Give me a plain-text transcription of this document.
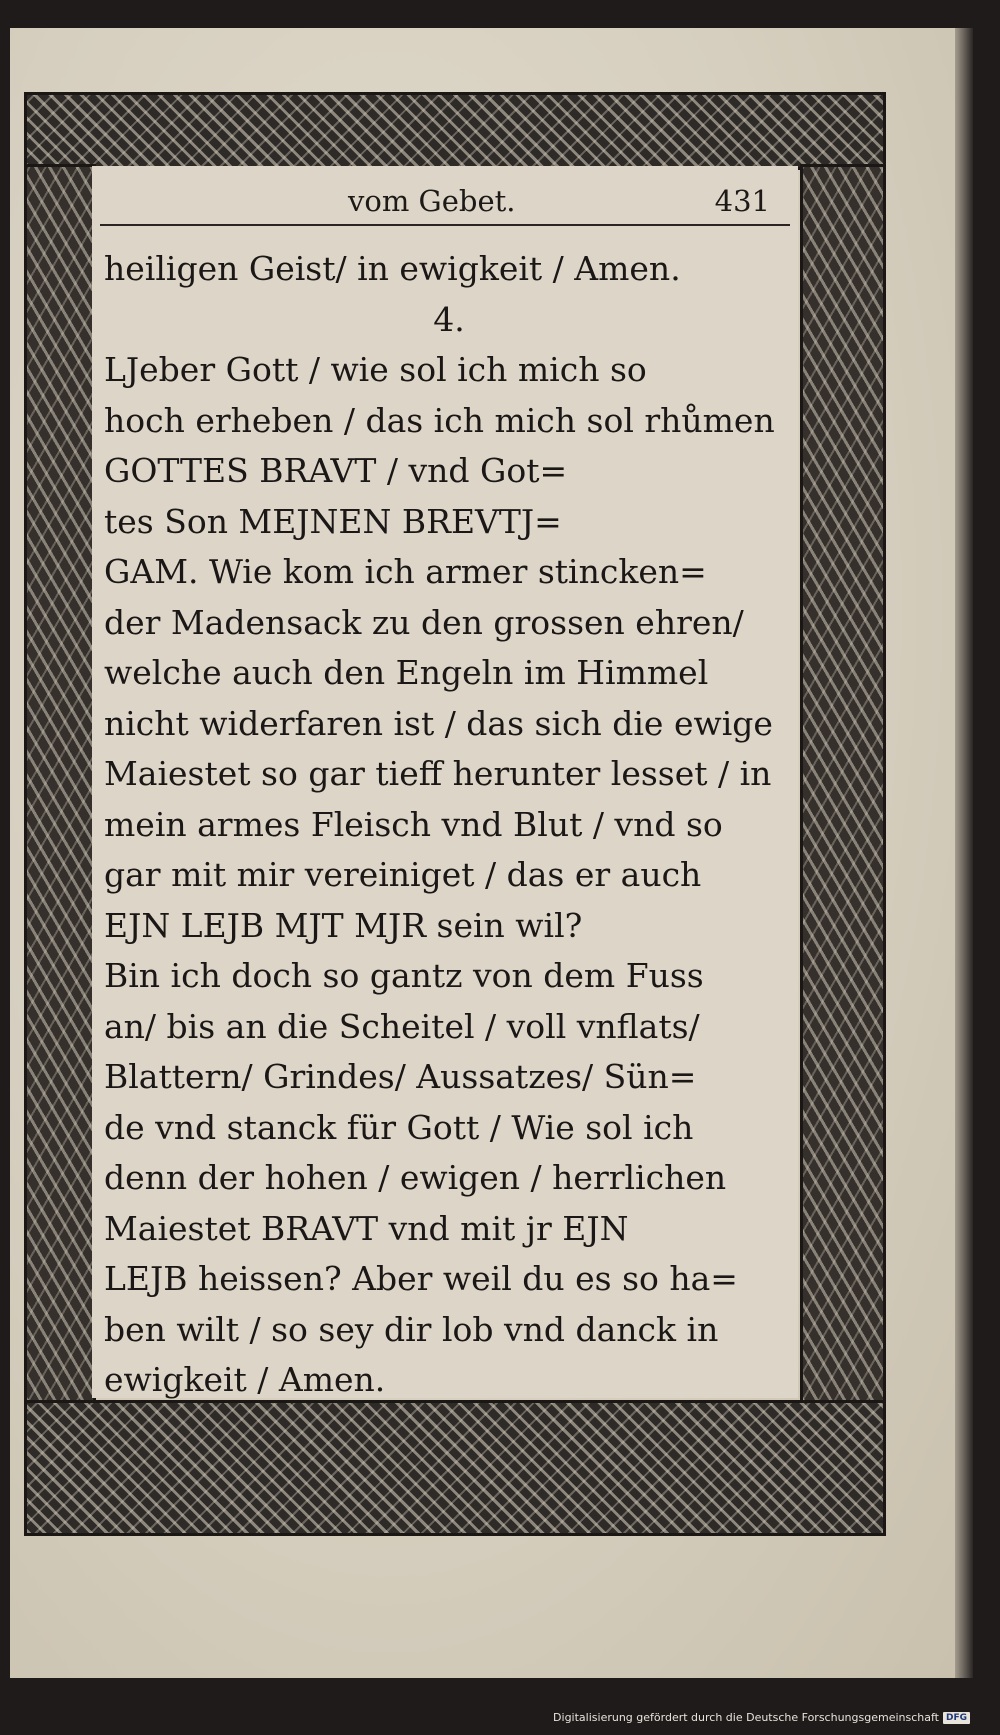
vom Gebet.	431
heiligen Geist/ in ewigkeit / Amen.
4.
LJeber Gott / wie sol ich mich so
hoch erheben / das ich mich sol rhůmen
GOTTES BRAVT / vnd Got=
tes Son MEJNEN BREVTJ=
GAM. Wie kom ich armer stincken=
der Madensack zu den grossen ehren/
welche auch den Engeln im Himmel
nicht widerfaren ist / das sich die ewige
Maiestet so gar tieff herunter lesset / in
mein armes Fleisch vnd Blut / vnd so
gar mit mir vereiniget / das er auch
EJN LEJB MJT MJR sein wil?
Bin ich doch so gantz von dem Fuss
an/ bis an die Scheitel / voll vnflats/
Blattern/ Grindes/ Aussatzes/ Sün=
de vnd stanck für Gott / Wie sol ich
denn der hohen / ewigen / herrlichen
Maiestet BRAVT vnd mit jr EJN
LEJB heissen? Aber weil du es so ha=
ben wilt / so sey dir lob vnd danck in
ewigkeit / Amen.
Digitalisierung gefördert durch die Deutsche Forschungsgemeinschaft DFG
